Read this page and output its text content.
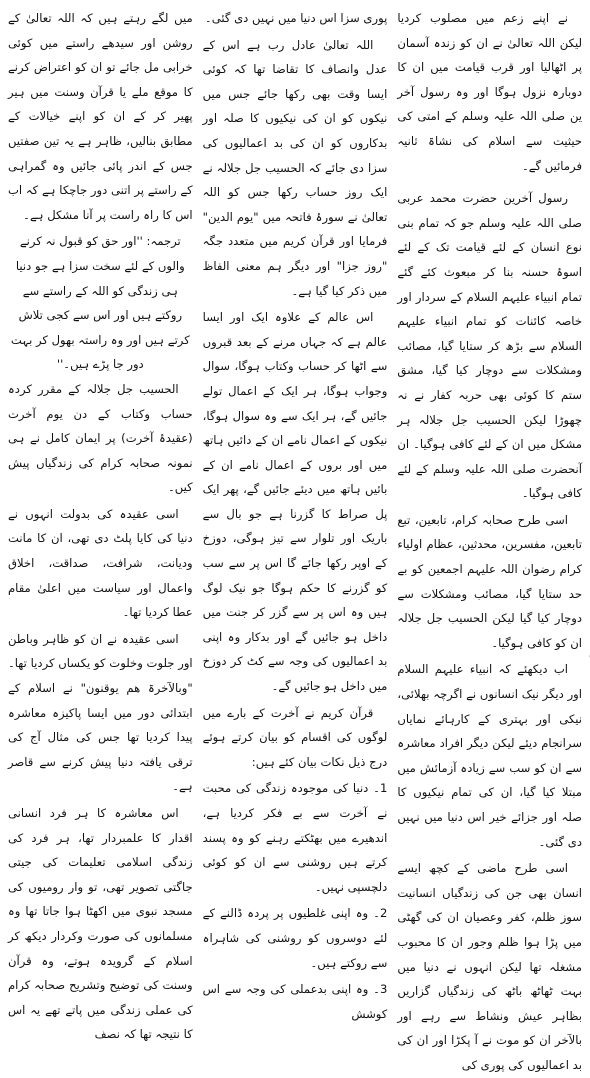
نے اپنے زعم میں مصلوب کردیا لیکن اللہ تعالیٰ نے ان کو زندہ آسمان پر اٹھالیا اور قرب قیامت میں ان کا دوبارہ نزول ہوگا اور وہ رسول آخر ین صلی اللہ علیہ وسلم کے امتی کی حیثیت سے اسلام کی نشاۃ ثانیہ فرمائیں گے۔

رسول آخرین حضرت محمد عربی صلی اللہ علیہ وسلم جو کہ تمام بنی نوع انسان کے لئے قیامت تک کے لئے اسوۂ حسنہ بنا کر مبعوث کئے گئے تمام انبیاء علیہم السلام کے سردار اور خاصہ کائنات کو تمام انبیاء علیہم السلام سے بڑھ کر ستایا گیا، مصائب ومشکلات سے دوچار کیا گیا، مشق ستم کا کوئی بھی حربہ کفار نے نہ چھوڑا لیکن الحسیب جل جلالہ ہر مشکل میں ان کے لئے کافی ہوگیا۔ ان آنحضرت صلی اللہ علیہ وسلم کے لئے کافی ہوگیا۔

اسی طرح صحابہ کرام، تابعین، تبع تابعین، مفسرین، محدثین، عظام اولیاء کرام رضوان اللہ علیہم اجمعین کو بے حد ستایا گیا، مصائب ومشکلات سے دوچار کیا گیا لیکن الحسیب جل جلالہ ان کو کافی ہوگیا۔

اب دیکھئے کہ انبیاء علیہم السلام اور دیگر نیک انسانوں نے اگرچہ بھلائی، نیکی اور بہتری کے کارہائے نمایاں سرانجام دیئے لیکن دیگر افراد معاشرہ سے ان کو سب سے زیادہ آزمائش میں مبتلا کیا گیا، ان کی تمام نیکیوں کا صلہ اور جزائے خیر اس دنیا میں نہیں دی گئی۔

اسی طرح ماضی کے کچھ ایسے انسان بھی جن کی زندگیاں انسانیت سوز ظلم، کفر وعصیان ان کی گھٹی میں پڑا ہوا ظلم وجور ان کا محبوب مشغلہ تھا لیکن انہوں نے دنیا میں بہت ٹھاٹھ باٹھ کی زندگیاں گزاریں بظاہر عیش ونشاط سے رہے اور بالآخر ان کو موت نے آ پکڑا اور ان کی بد اعمالیوں کی پوری کی

پوری سزا اس دنیا میں نہیں دی گئی۔

اللہ تعالیٰ عادل رب ہے اس کے عدل وانصاف کا تقاضا تھا کہ کوئی ایسا وقت بھی رکھا جائے جس میں نیکوں کو ان کی نیکیوں کا صلہ اور بدکاروں کو ان کی بد اعمالیوں کی سزا دی جائے کہ الحسیب جل جلالہ نے ایک روز حساب رکھا جس کو اللہ تعالیٰ نے سورۂ فاتحہ میں "یوم الدین" فرمایا اور قرآن کریم میں متعدد جگہ "روز جزا" اور دیگر ہم معنی الفاظ میں ذکر کیا گیا ہے۔

اس عالم کے علاوہ ایک اور ایسا عالم ہے کہ جہاں مرنے کے بعد قبروں سے اٹھا کر حساب وکتاب ہوگا، سوال وجواب ہوگا، ہر ایک کے اعمال تولے جائیں گے، ہر ایک سے وہ سوال ہوگا، نیکوں کے اعمال نامے ان کے دائیں ہاتھ میں اور بروں کے اعمال نامے ان کے بائیں ہاتھ میں دیئے جائیں گے، پھر ایک پل صراط کا گزرنا ہے جو بال سے باریک اور تلوار سے تیز ہوگی، دوزخ کے اوپر رکھا جائے گا اس پر سے سب کو گزرنے کا حکم ہوگا جو نیک لوگ ہیں وہ اس پر سے گزر کر جنت میں داخل ہو جائیں گے اور بدکار وہ اپنی بد اعمالیوں کی وجہ سے کٹ کر دوزخ میں داخل ہو جائیں گے۔

قرآن کریم نے آخرت کے بارے میں لوگوں کی اقسام کو بیان کرتے ہوئے درج ذیل نکات بیان کئے ہیں:

1۔ دنیا کی موجودہ زندگی کی محبت نے آخرت سے بے فکر کردیا ہے، اندھیرے میں بھٹکتے رہنے کو وہ پسند کرتے ہیں روشنی سے ان کو کوئی دلچسپی نہیں۔

2۔ وہ اپنی غلطیوں پر پردہ ڈالنے کے لئے دوسروں کو روشنی کی شاہراہ سے روکتے ہیں۔

3۔ وہ اپنی بدعملی کی وجہ سے اس کوشش

میں لگے رہتے ہیں کہ اللہ تعالیٰ کے روشن اور سیدھے راستے میں کوئی خرابی مل جائے تو ان کو اعتراض کرنے کا موقع ملے یا قرآن وسنت میں ہیر پھیر کر کے ان کو اپنے خیالات کے مطابق بنالیں، ظاہر ہے یہ تین صفتیں جس کے اندر پائی جائیں وہ گمراہی کے راستے پر اتنی دور جاچکا ہے کہ اب اس کا راہ راست پر آنا مشکل ہے۔

ترجمہ: ''اور حق کو قبول نہ کرنے والوں کے لئے سخت سزا ہے جو دنیا ہی زندگی کو اللہ کے راستے سے روکتے ہیں اور اس سے کجی تلاش کرتے ہیں اور وہ راستہ بھول کر بہت دور جا پڑے ہیں۔''

الحسیب جل جلالہ کے مقرر کردہ حساب وکتاب کے دن یوم آخرت (عقیدۂ آخرت) پر ایمان کامل نے ہی نمونہ صحابہ کرام کی زندگیاں پیش کیں۔

اسی عقیدہ کی بدولت انہوں نے دنیا کی کایا پلٹ دی تھی، ان کا مانت ودیانت، شرافت، صداقت، اخلاق واعمال اور سیاست میں اعلیٰ مقام عطا کردیا تھا۔

اسی عقیدہ نے ان کو ظاہر وباطن اور جلوت وخلوت کو یکساں کردیا تھا۔ "وبالآخرۃ ھم یوقنون" نے اسلام کے ابتدائی دور میں ایسا پاکیزہ معاشرہ پیدا کردیا تھا جس کی مثال آج کی ترقی یافتہ دنیا پیش کرنے سے قاصر ہے۔

اس معاشرہ کا ہر فرد انسانی اقدار کا علمبردار تھا، ہر فرد کی زندگی اسلامی تعلیمات کی جیتی جاگتی تصویر تھی، تو وار رومیوں کی مسجد نبوی میں اکھٹا ہوا جاتا تھا وہ مسلمانوں کی صورت وکردار دیکھ کر اسلام کے گرویدہ ہوتے، وہ قرآن وسنت کی توضیح وتشریح صحابہ کرام کی عملی زندگی میں پاتے تھے یہ اس کا نتیجہ تھا کہ نصف
